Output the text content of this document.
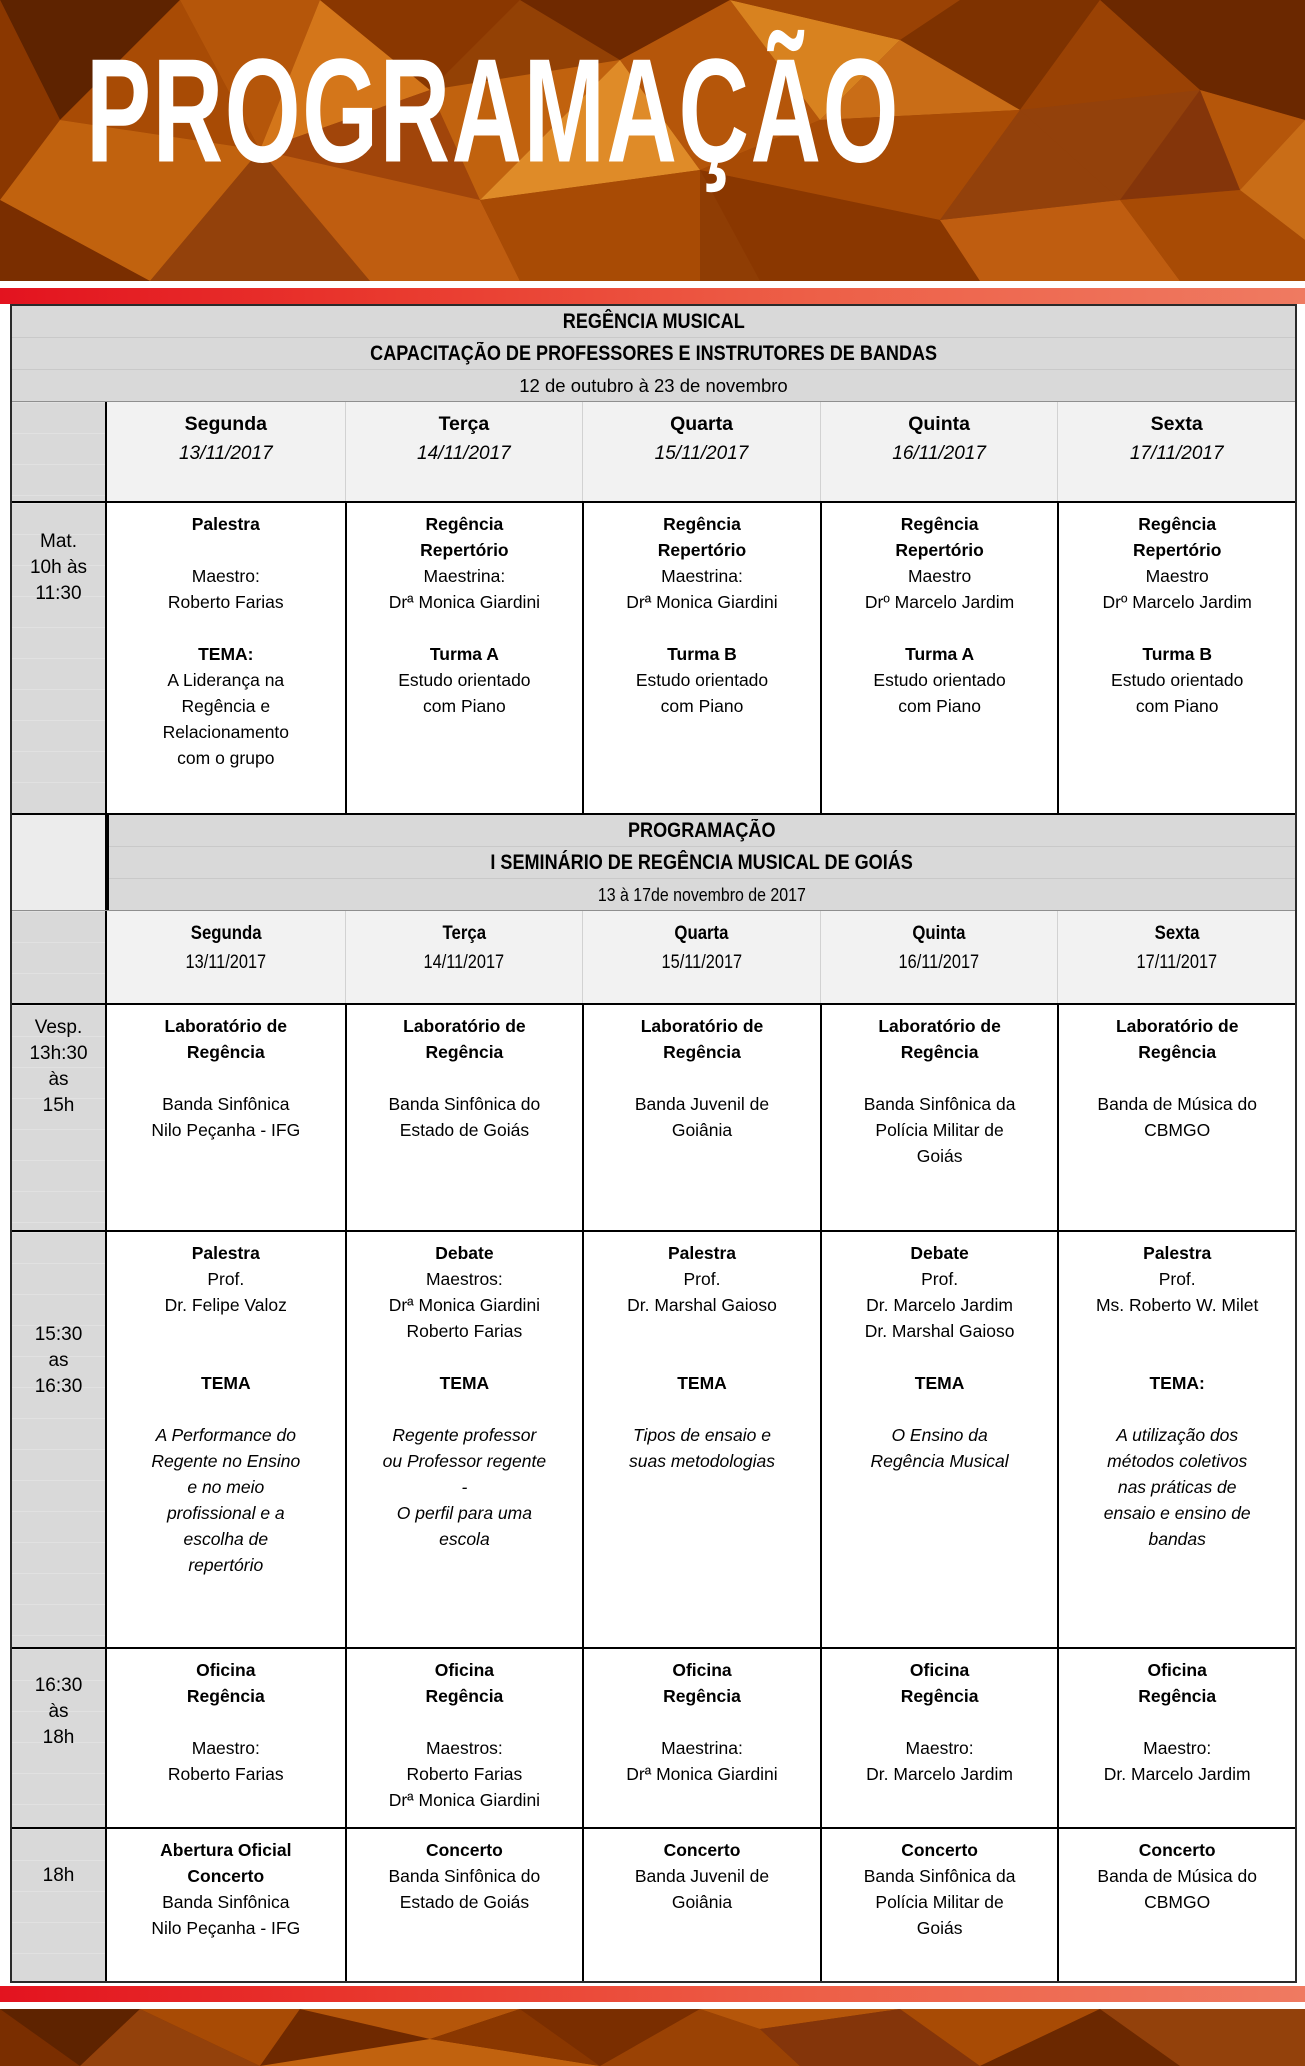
PROGRAMAÇÃO
REGÊNCIA MUSICAL
CAPACITAÇÃO DE PROFESSORES E INSTRUTORES DE BANDAS
12 de outubro à 23 de novembro
Segunda
13/11/2017
Terça
14/11/2017
Quarta
15/11/2017
Quinta
16/11/2017
Sexta
17/11/2017
Mat.
10h às
11:30
Palestra

Maestro:
Roberto Farias

TEMA:
A Liderança na
Regência e
Relacionamento
com o grupo
Regência
Repertório
Maestrina:
Drª Monica Giardini

Turma A
Estudo orientado
com Piano
Regência
Repertório
Maestrina:
Drª Monica Giardini

Turma B
Estudo orientado
com Piano
Regência
Repertório
Maestro
Drº Marcelo Jardim

Turma A
Estudo orientado
com Piano
Regência
Repertório
Maestro
Drº Marcelo Jardim

Turma B
Estudo orientado
com Piano
PROGRAMAÇÃO
I SEMINÁRIO DE REGÊNCIA MUSICAL DE GOIÁS
13 à 17de novembro de 2017
Segunda
13/11/2017
Terça
14/11/2017
Quarta
15/11/2017
Quinta
16/11/2017
Sexta
17/11/2017
Vesp.
13h:30
às
15h
Laboratório de
Regência

Banda Sinfônica
Nilo Peçanha - IFG
Laboratório de
Regência

Banda Sinfônica do
Estado de Goiás
Laboratório de
Regência

Banda Juvenil de
Goiânia
Laboratório de
Regência

Banda Sinfônica da
Polícia Militar de
Goiás
Laboratório de
Regência

Banda de Música do
CBMGO
15:30
as
16:30
Palestra
Prof.
Dr. Felipe Valoz

TEMA

A Performance do
Regente no Ensino
e no meio
profissional e a
escolha de
repertório
Debate
Maestros:
Drª Monica Giardini
Roberto Farias

TEMA

Regente professor
ou Professor regente
-
O perfil para uma
escola
Palestra
Prof.
Dr. Marshal Gaioso

TEMA

Tipos de ensaio e
suas metodologias
Debate
Prof.
Dr. Marcelo Jardim
Dr. Marshal Gaioso

TEMA

O Ensino da
Regência Musical
Palestra
Prof.
Ms. Roberto W. Milet

TEMA:

A utilização dos
métodos coletivos
nas práticas de
ensaio e ensino de
bandas
16:30
às
18h
Oficina
Regência

Maestro:
Roberto Farias
Oficina
Regência

Maestros:
Roberto Farias
Drª Monica Giardini
Oficina
Regência

Maestrina:
Drª Monica Giardini
Oficina
Regência

Maestro:
Dr. Marcelo Jardim
Oficina
Regência

Maestro:
Dr. Marcelo Jardim
18h
Abertura Oficial
Concerto
Banda Sinfônica
Nilo Peçanha - IFG
Concerto
Banda Sinfônica do
Estado de Goiás
Concerto
Banda Juvenil de
Goiânia
Concerto
Banda Sinfônica da
Polícia Militar de
Goiás
Concerto
Banda de Música do
CBMGO
